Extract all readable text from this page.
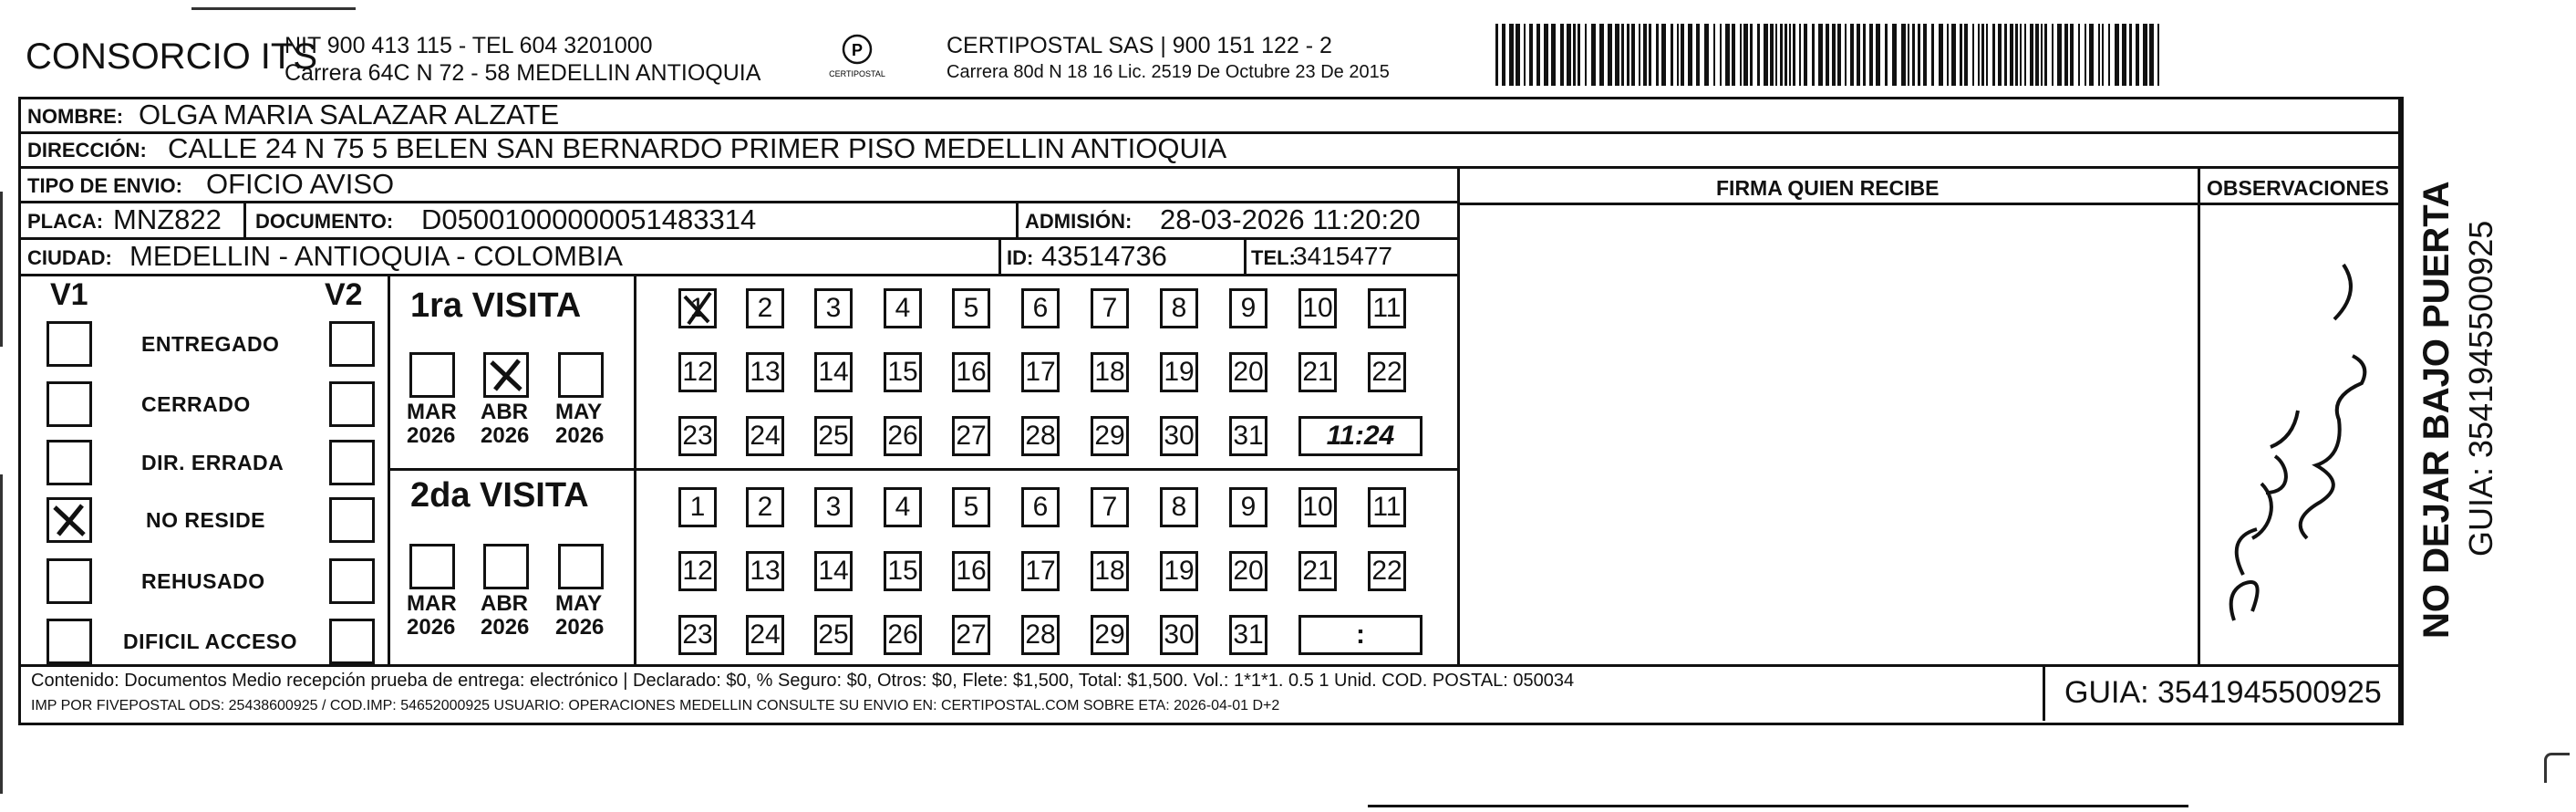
CONSORCIO ITS
NIT 900 413 115 - TEL 604 3201000
Carrera 64C N 72 - 58 MEDELLIN ANTIOQUIA
P
CERTIPOSTAL
CERTIPOSTAL SAS | 900 151 122 - 2
Carrera 80d N 18 16 Lic. 2519 De Octubre 23 De 2015
NOMBRE: OLGA MARIA SALAZAR ALZATE
DIRECCIÓN: CALLE 24 N 75 5 BELEN SAN BERNARDO PRIMER PISO MEDELLIN ANTIOQUIA
TIPO DE ENVIO: OFICIO AVISO
PLACA: MNZ822 DOCUMENTO: D05001000000051483314	ADMISIÓN: 28-03-2026 11:20:20
CIUDAD: MEDELLIN - ANTIOQUIA - COLOMBIA	ID: 43514736	TEL:
3415477
FIRMA QUIEN RECIBE	OBSERVACIONES
V1	V2
ENTREGADO
CERRADO
DIR. ERRADA
NO RESIDE
REHUSADO
DIFICIL ACCESO
1ra VISITA
2da VISITA
MAR
2026
ABR
2026
MAY
2026
MAR
2026
ABR
2026
MAY
2026
1	2	3	4	5	6	7	8	9	10 11
12 13 14 15 16 17 18 19 20 21 22
23 24 25 26 27 28 29 30 31	11:24
1	2	3	4	5	6	7	8	9	10 11
12 13 14 15 16 17 18 19 20 21 22
23 24 25 26 27 28 29 30 31	:
Contenido: Documentos Medio recepción prueba de entrega: electrónico | Declarado: $0, % Seguro: $0, Otros: $0, Flete: $1,500, Total: $1,500. Vol.: 1*1*1. 0.5 1 Unid. COD. POSTAL: 050034
IMP POR FIVEPOSTAL ODS: 25438600925 / COD.IMP: 54652000925 USUARIO: OPERACIONES MEDELLIN CONSULTE SU ENVIO EN: CERTIPOSTAL.COM SOBRE ETA: 2026-04-01 D+2	GUIA: 3541945500925
NO DEJAR BAJO PUERTA GUIA: 3541945500925
